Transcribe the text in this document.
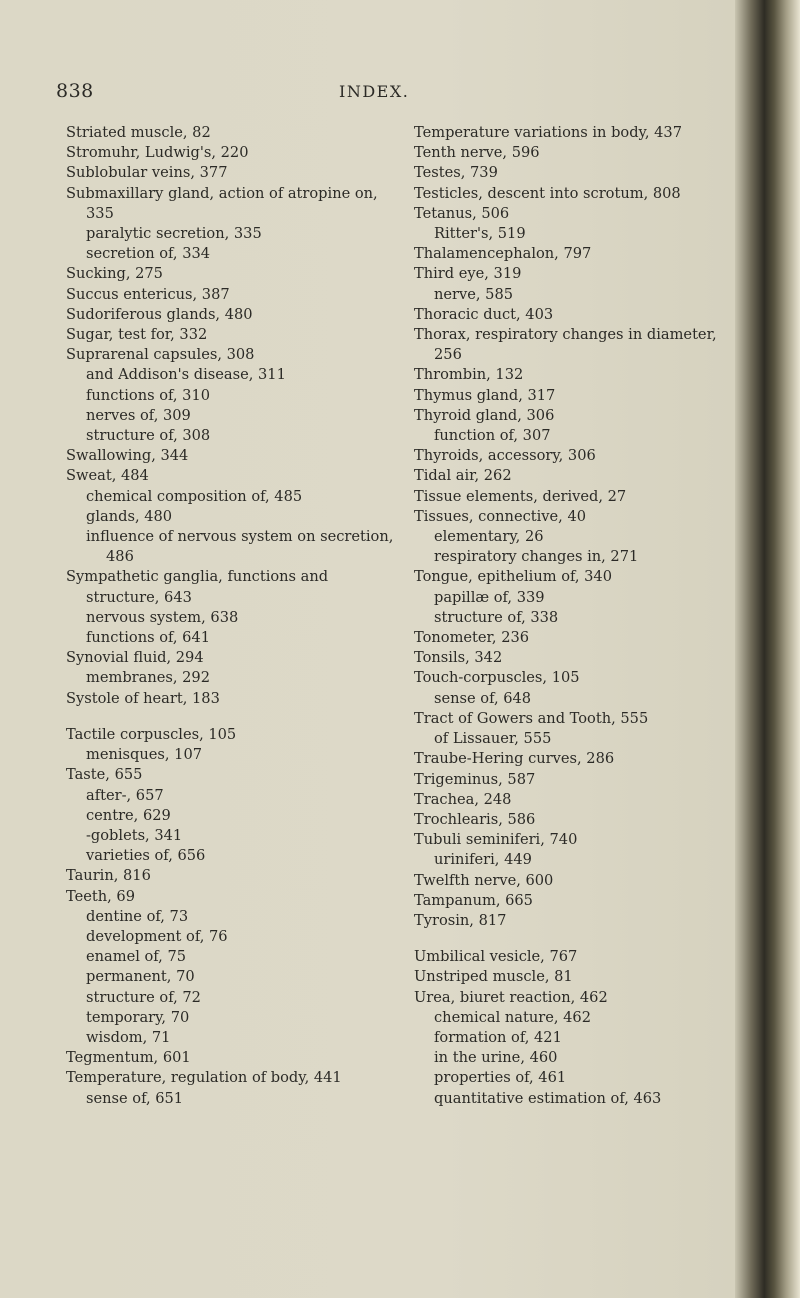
838	INDEX.
Striated muscle, 82
Stromuhr, Ludwig's, 220
Sublobular veins, 377
Submaxillary gland, action of atropine on, 335
paralytic secretion, 335
secretion of, 334
Sucking, 275
Succus entericus, 387
Sudoriferous glands, 480
Sugar, test for, 332
Suprarenal capsules, 308
and Addison's disease, 311
functions of, 310
nerves of, 309
structure of, 308
Swallowing, 344
Sweat, 484
chemical composition of, 485
glands, 480
influence of nervous system on secretion, 486
Sympathetic ganglia, functions and structure, 643
nervous system, 638
functions of, 641
Synovial fluid, 294
membranes, 292
Systole of heart, 183
Tactile corpuscles, 105
menisques, 107
Taste, 655
after-, 657
centre, 629
-goblets, 341
varieties of, 656
Taurin, 816
Teeth, 69
dentine of, 73
development of, 76
enamel of, 75
permanent, 70
structure of, 72
temporary, 70
wisdom, 71
Tegmentum, 601
Temperature, regulation of body, 441
sense of, 651
Temperature variations in body, 437
Tenth nerve, 596
Testes, 739
Testicles, descent into scrotum, 808
Tetanus, 506
Ritter's, 519
Thalamencephalon, 797
Third eye, 319
nerve, 585
Thoracic duct, 403
Thorax, respiratory changes in diameter, 256
Thrombin, 132
Thymus gland, 317
Thyroid gland, 306
function of, 307
Thyroids, accessory, 306
Tidal air, 262
Tissue elements, derived, 27
Tissues, connective, 40
elementary, 26
respiratory changes in, 271
Tongue, epithelium of, 340
papillæ of, 339
structure of, 338
Tonometer, 236
Tonsils, 342
Touch-corpuscles, 105
sense of, 648
Tract of Gowers and Tooth, 555
of Lissauer, 555
Traube-Hering curves, 286
Trigeminus, 587
Trachea, 248
Trochlearis, 586
Tubuli seminiferi, 740
uriniferi, 449
Twelfth nerve, 600
Tampanum, 665
Tyrosin, 817
Umbilical vesicle, 767
Unstriped muscle, 81
Urea, biuret reaction, 462
chemical nature, 462
formation of, 421
in the urine, 460
properties of, 461
quantitative estimation of, 463
